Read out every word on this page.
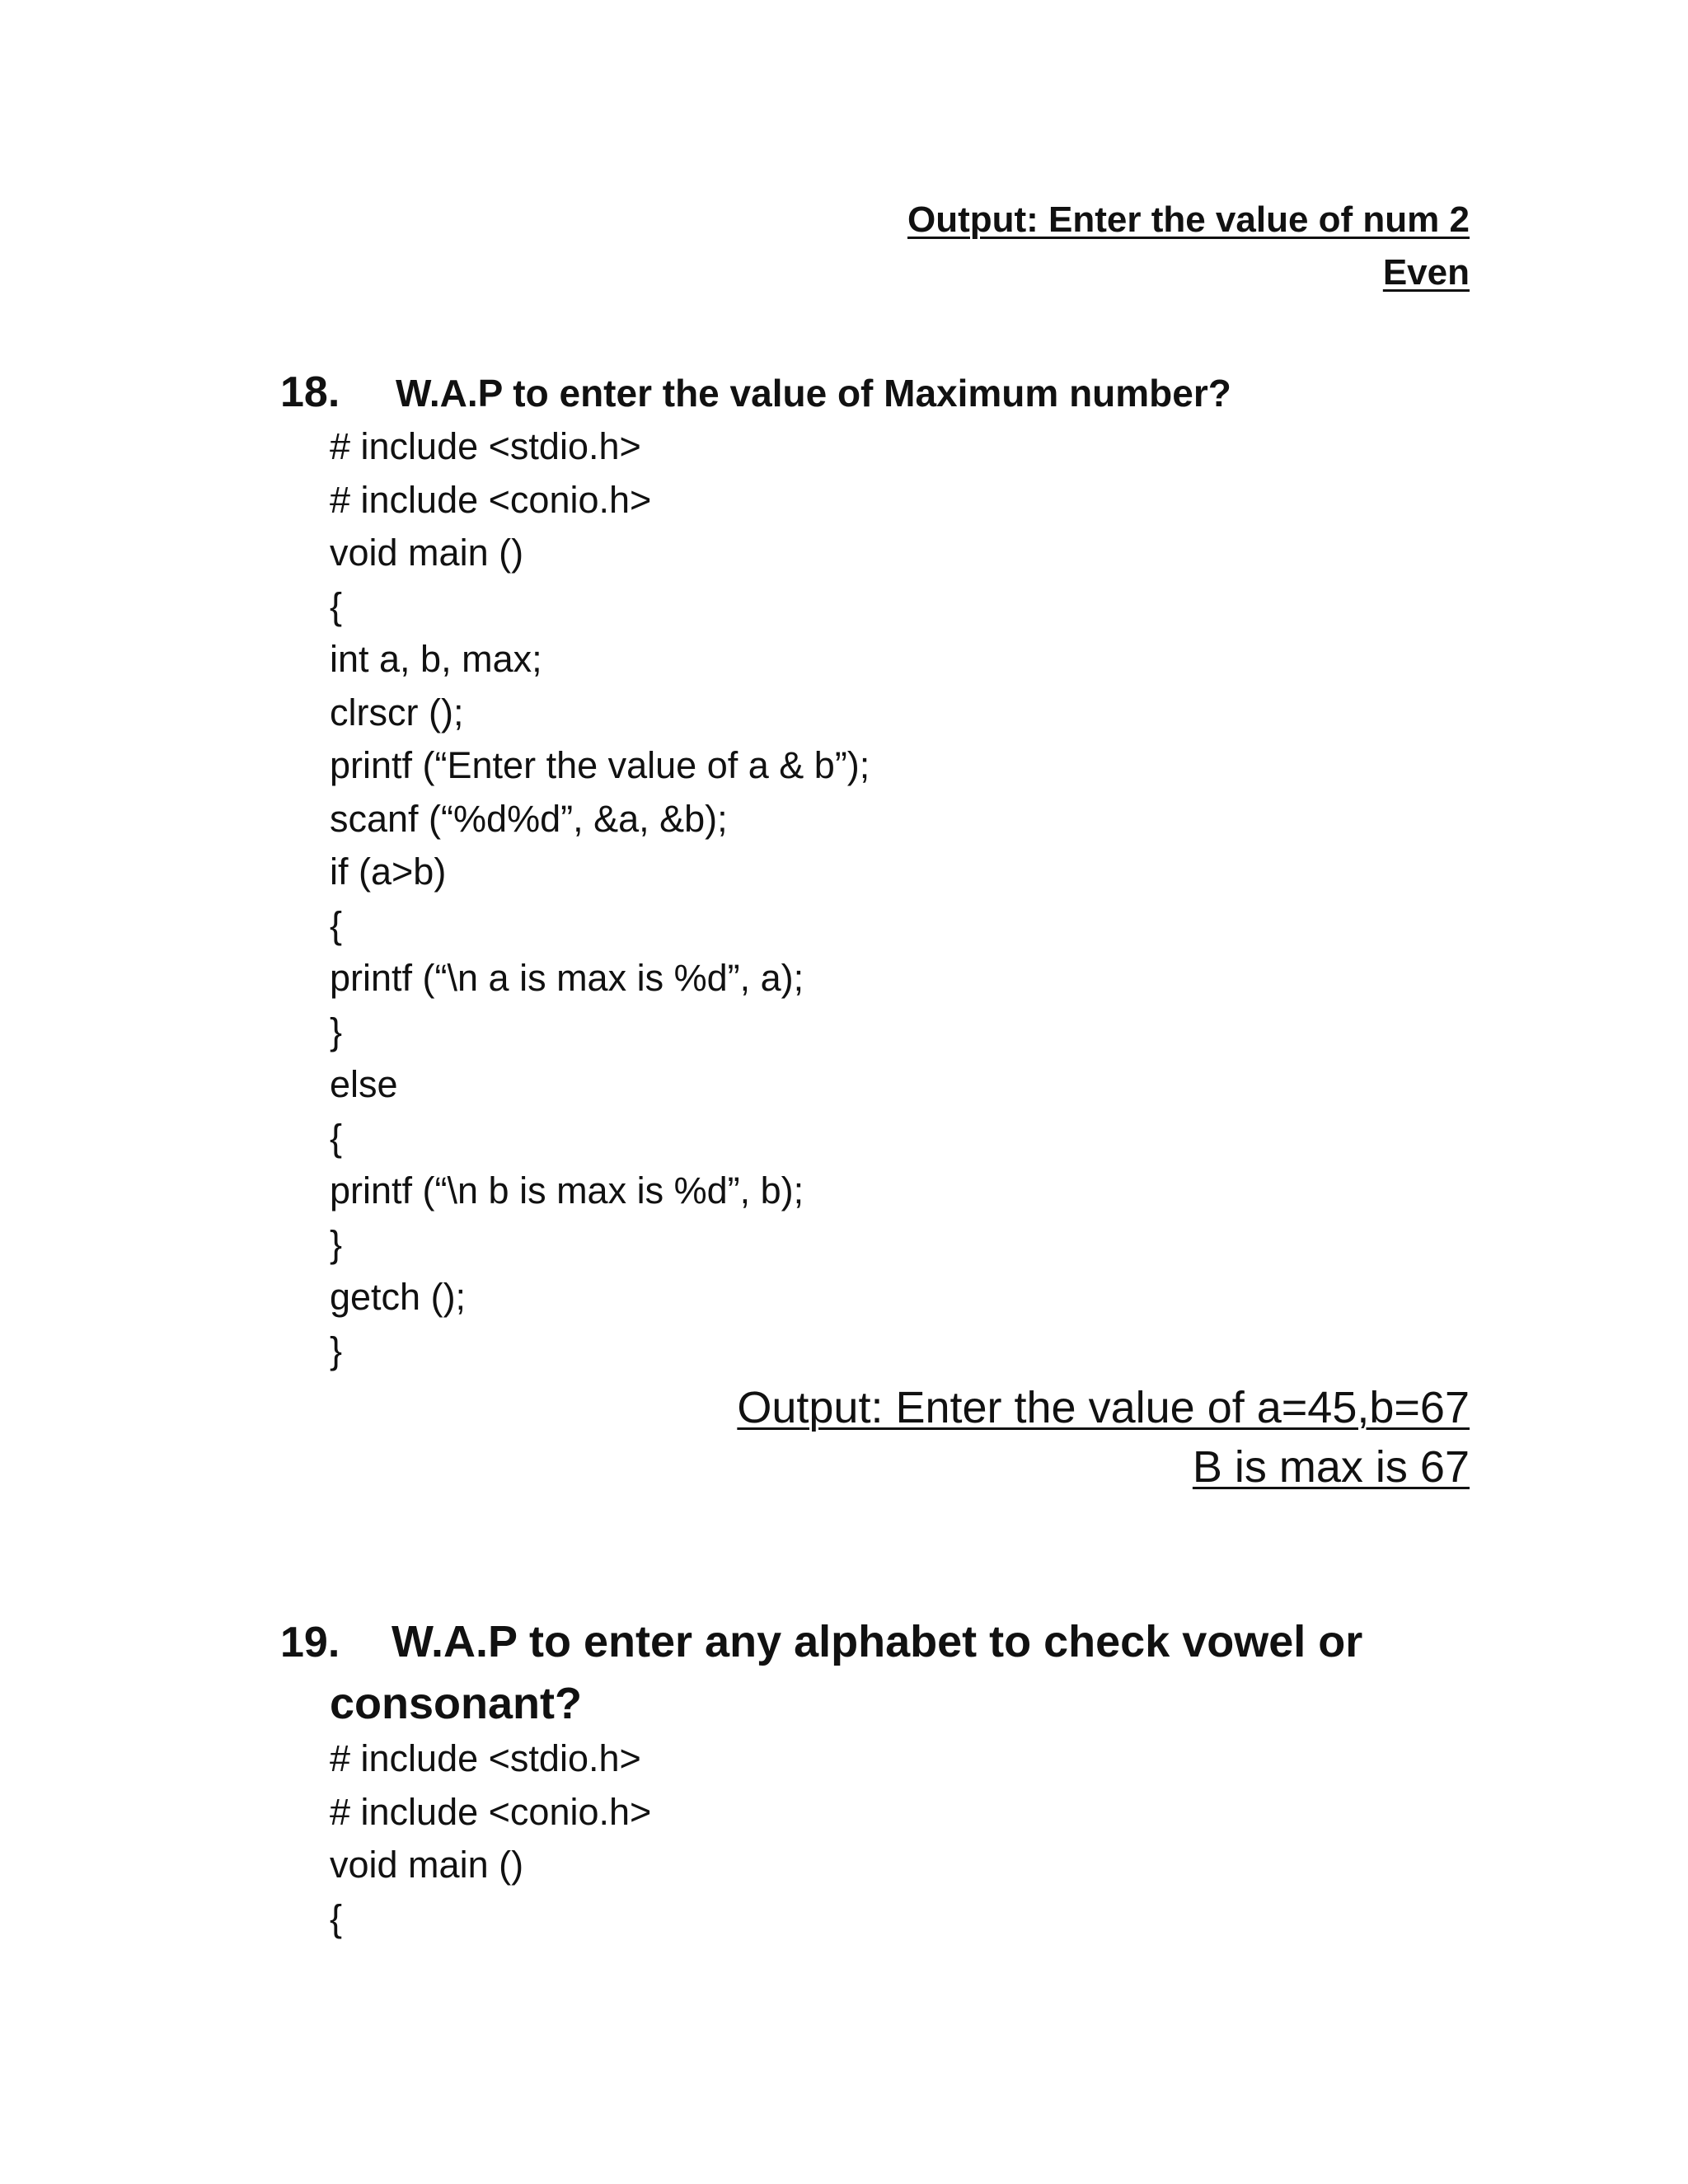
Output: Enter the value of num 2
Even
18. W.A.P to enter the value of Maximum number?
# include <stdio.h>
# include <conio.h>
void main ()
{
int a, b, max;
clrscr ();
printf (“Enter the value of a & b”);
scanf (“%d%d”, &a, &b);
if (a>b)
{
printf (“\n a is max is %d”, a);
}
else
{
printf (“\n b is max is %d”, b);
}
getch ();
}
Output: Enter the value of a=45,b=67
B is max is 67
19. W.A.P to enter any alphabet to check vowel or
consonant?
# include <stdio.h>
# include <conio.h>
void main ()
{
